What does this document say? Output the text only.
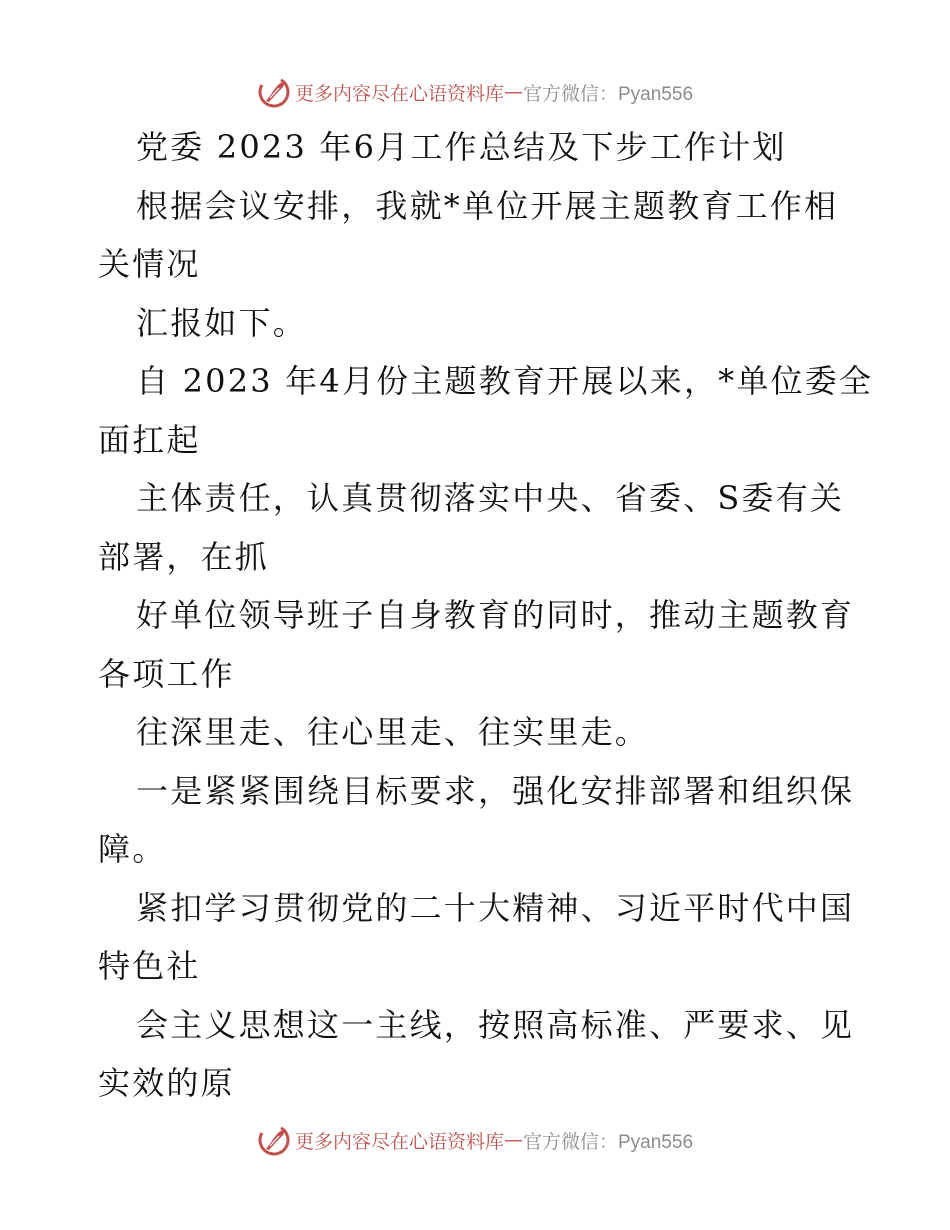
更多内容尽在心语资料库 — 官方微信：Pyan556
党委 2023 年6月工作总结及下步工作计划
根据会议安排，我就*单位开展主题教育工作相
关情况
汇报如下。
自 2023 年4月份主题教育开展以来，*单位委全
面扛起
主体责任，认真贯彻落实中央、省委、S委有关
部署，在抓
好单位领导班子自身教育的同时，推动主题教育
各项工作
往深里走、往心里走、往实里走。
一是紧紧围绕目标要求，强化安排部署和组织保
障。
紧扣学习贯彻党的二十大精神、习近平时代中国
特色社
会主义思想这一主线，按照高标准、严要求、见
实效的原
更多内容尽在心语资料库 — 官方微信：Pyan556
